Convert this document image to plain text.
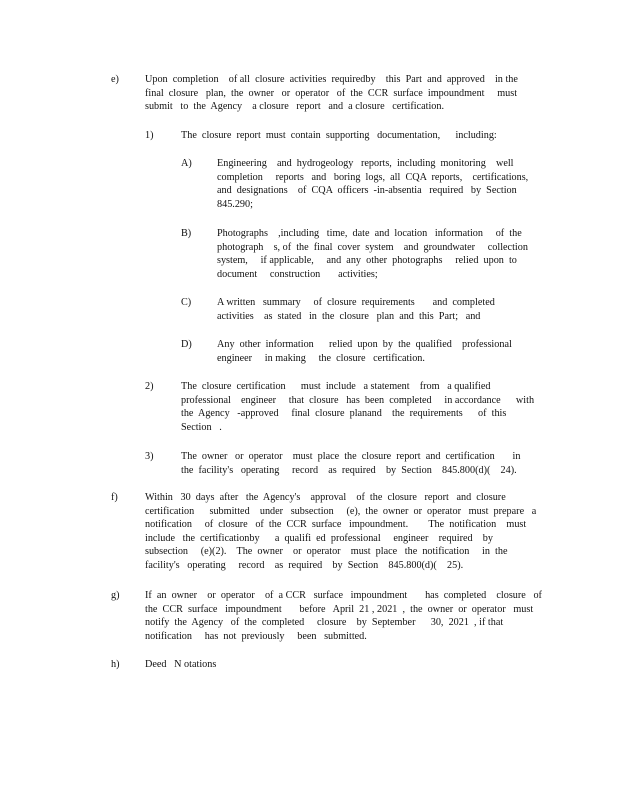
e)	Upon  completion    of all  closure  activities  requiredby    this  Part  and  approved    in the
final  closure   plan,  the  owner   or  operator   of  the  CCR  surface  impoundment     must
submit   to  the  Agency    a closure   report   and  a closure   certification.
1)	The  closure  report  must  contain  supporting   documentation,      including:
A) Engineering    and  hydrogeology   reports,  including  monitoring    well
completion     reports   and   boring  logs,  all  CQA  reports,    certifications,
and  designations    of  CQA  officers  -in-absentia   required   by  Section
845.290;
B)	Photographs    ,including   time,  date  and  location   information     of  the
photograph    s, of  the  final  cover  system    and  groundwater     collection
system,     if applicable,     and  any  other  photographs     relied  upon  to
document     construction       activities;
C)	A written   summary     of  closure  requirements       and  completed
activities    as  stated   in  the  closure   plan  and  this  Part;   and
D) Any  other  information      relied  upon  by  the  qualified    professional
engineer     in making     the  closure   certification.
2)	The  closure  certification      must  include   a statement    from   a qualified
professional    engineer     that  closure   has  been  completed     in accordance      with
the  Agency   -approved     final  closure  planand    the  requirements      of  this
Section   .
3)	The  owner   or  operator    must  place  the  closure  report  and  certification       in
the  facility's   operating     record    as  required    by  Section    845.800(d)(    24).
f)	Within   30  days  after   the  Agency's    approval    of  the  closure   report   and  closure
certification      submitted    under   subsection     (e),  the  owner  or  operator   must  prepare   a
notification     of  closure   of  the  CCR  surface   impoundment.        The  notification    must
include   the  certificationby      a  qualifi  ed  professional     engineer    required    by
subsection     (e)(2).    The  owner    or  operator    must  place   the  notification     in  the
facility's   operating     record    as  required    by  Section    845.800(d)(    25).
g)	If  an  owner    or  operator    of  a CCR   surface   impoundment       has  completed    closure   of
the  CCR  surface   impoundment       before   April  21 , 2021  ,  the  owner  or  operator   must
notify  the  Agency   of  the  completed     closure    by  September      30,  2021  , if that
notification     has  not  previously     been   submitted.
h)	Deed   N otations
